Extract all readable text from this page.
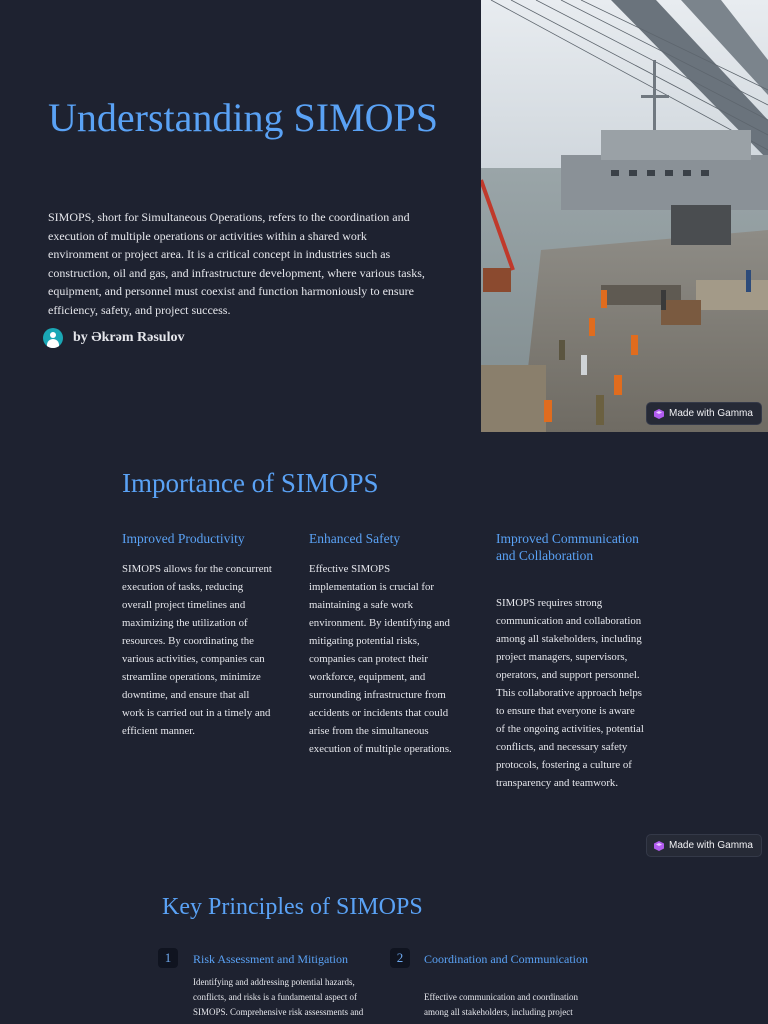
Understanding SIMOPS

SIMOPS, short for Simultaneous Operations, refers to the coordination and execution of multiple operations or activities within a shared work environment or project area. It is a critical concept in industries such as construction, oil and gas, and infrastructure development, where various tasks, equipment, and personnel must coexist and function harmoniously to ensure efficiency, safety, and project success.

by Əkrəm Rəsulov
Made with Gamma
Importance of SIMOPS
Improved Productivity

SIMOPS allows for the concurrent execution of tasks, reducing overall project timelines and maximizing the utilization of resources. By coordinating the various activities, companies can streamline operations, minimize downtime, and ensure that all work is carried out in a timely and efficient manner.

Enhanced Safety

Effective SIMOPS implementation is crucial for maintaining a safe work environment. By identifying and mitigating potential risks, companies can protect their workforce, equipment, and surrounding infrastructure from accidents or incidents that could arise from the simultaneous execution of multiple operations.

Improved Communication and Collaboration

SIMOPS requires strong communication and collaboration among all stakeholders, including project managers, supervisors, operators, and support personnel. This collaborative approach helps to ensure that everyone is aware of the ongoing activities, potential conflicts, and necessary safety protocols, fostering a culture of transparency and teamwork.

Made with Gamma
Key Principles of SIMOPS
1	Risk Assessment and Mitigation

Identifying and addressing potential hazards, conflicts, and risks is a fundamental aspect of SIMOPS. Comprehensive risk assessments and

2	Coordination and Communication

Effective communication and coordination among all stakeholders, including project
